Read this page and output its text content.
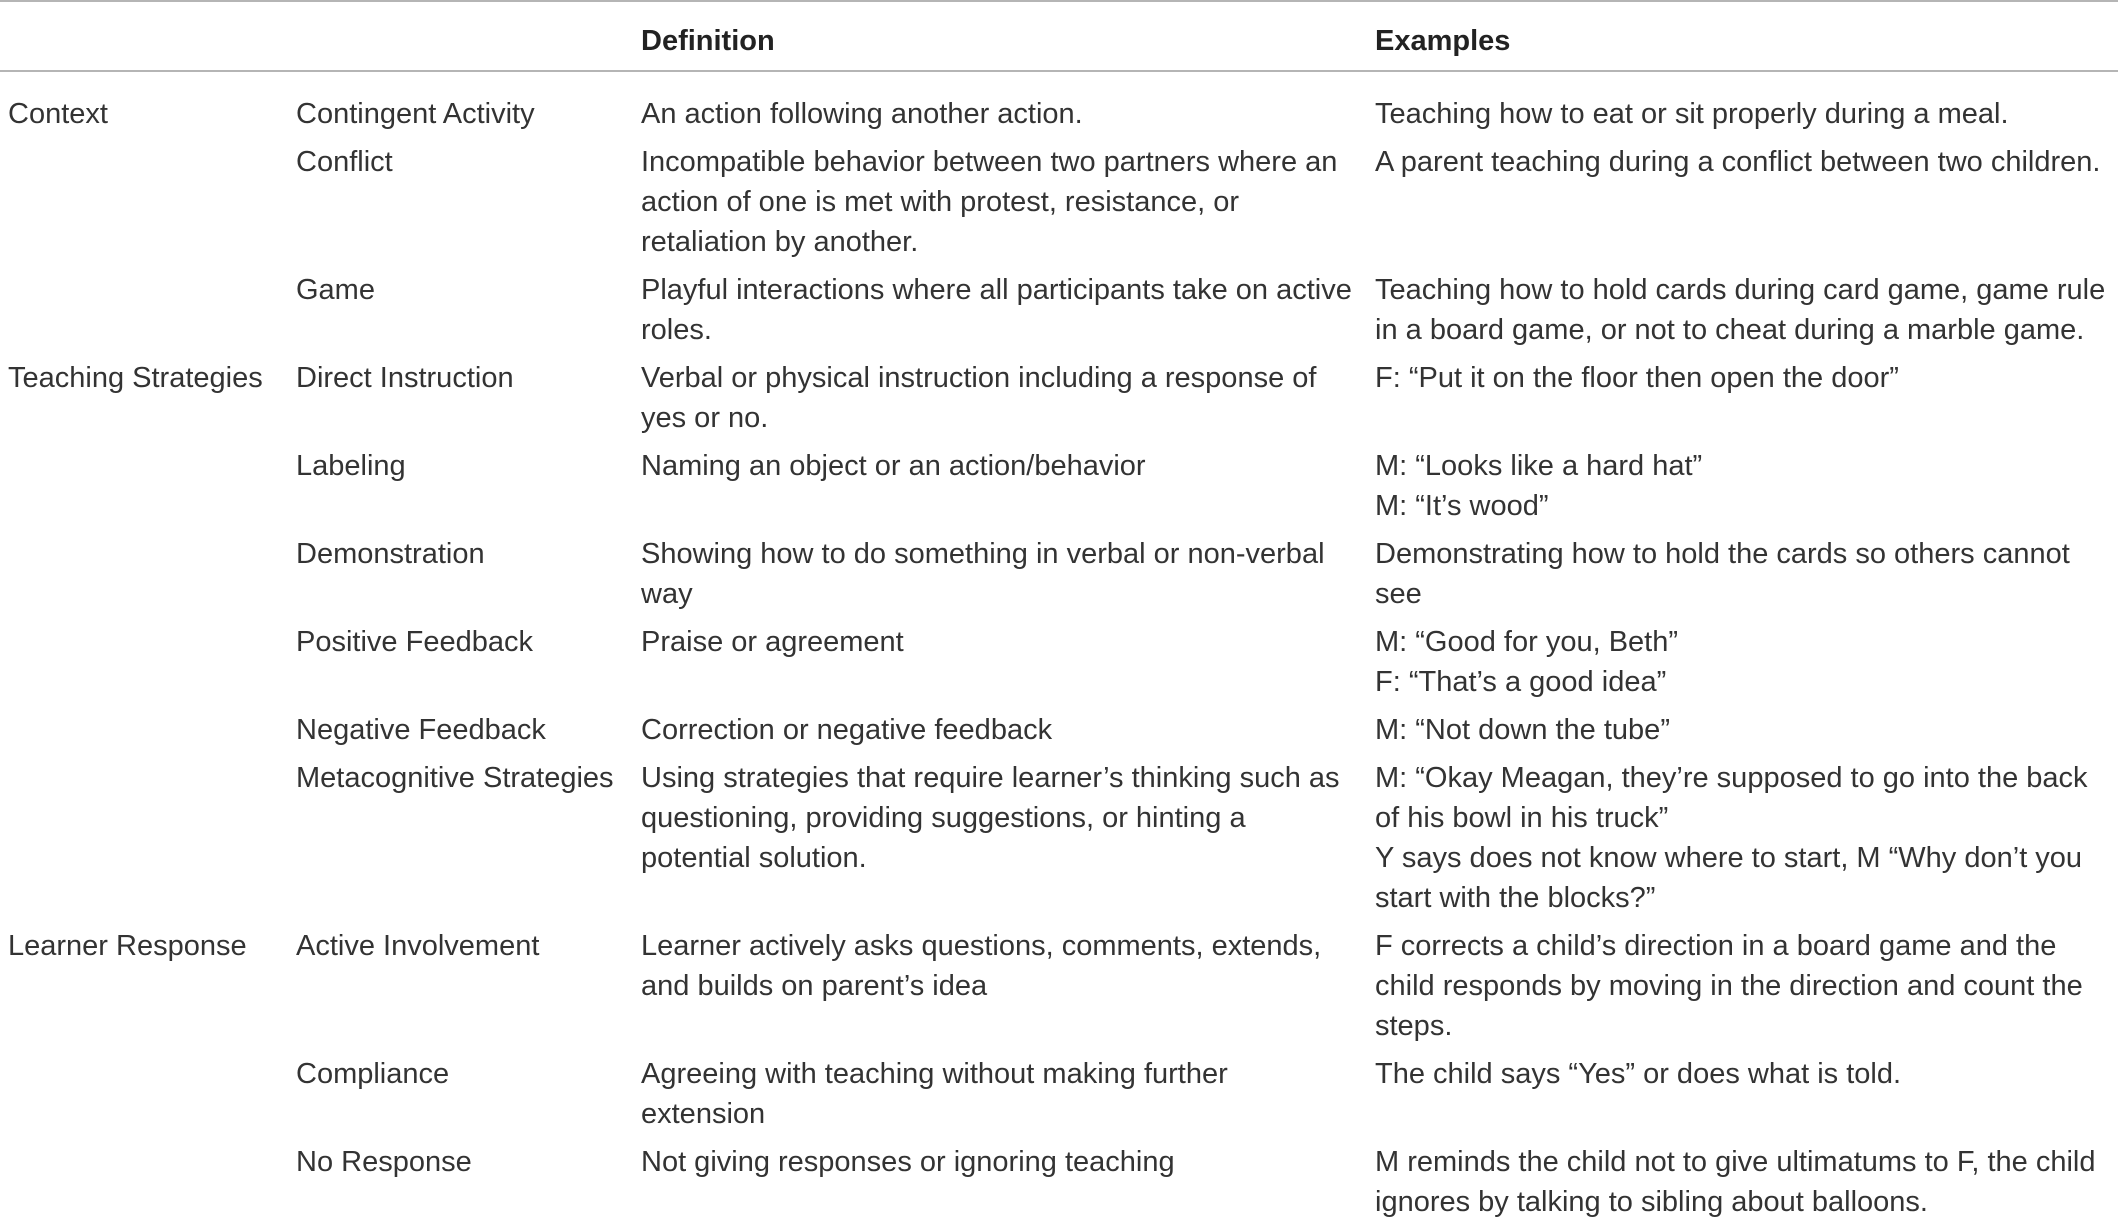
		Definition	Examples
Context	Contingent Activity	An action following another action.	Teaching how to eat or sit properly during a meal.

	Conflict	Incompatible behavior between two partners where an action of one is met with protest, resistance, or retaliation by another.	A parent teaching during a conflict between two children.

	Game	Playful interactions where all participants take on active roles.	Teaching how to hold cards during card game, game rule in a board game, or not to cheat during a marble game.

Teaching Strategies	Direct Instruction	Verbal or physical instruction including a response of yes or no.	F: “Put it on the floor then open the door”

	Labeling	Naming an object or an action/behavior	M: “Looks like a hard hat”
M: “It’s wood”

	Demonstration	Showing how to do something in verbal or non-verbal way	Demonstrating how to hold the cards so others cannot see

	Positive Feedback	Praise or agreement	M: “Good for you, Beth”
F: “That’s a good idea”

	Negative Feedback	Correction or negative feedback	M: “Not down the tube”

	Metacognitive Strategies	Using strategies that require learner’s thinking such as questioning, providing suggestions, or hinting a potential solution.	M: “Okay Meagan, they’re supposed to go into the back of his bowl in his truck”
Y says does not know where to start, M “Why don’t you start with the blocks?”

Learner Response	Active Involvement	Learner actively asks questions, comments, extends, and builds on parent’s idea	F corrects a child’s direction in a board game and the child responds by moving in the direction and count the steps.

	Compliance	Agreeing with teaching without making further extension	The child says “Yes” or does what is told.

	No Response	Not giving responses or ignoring teaching	M reminds the child not to give ultimatums to F, the child ignores by talking to sibling about balloons.
